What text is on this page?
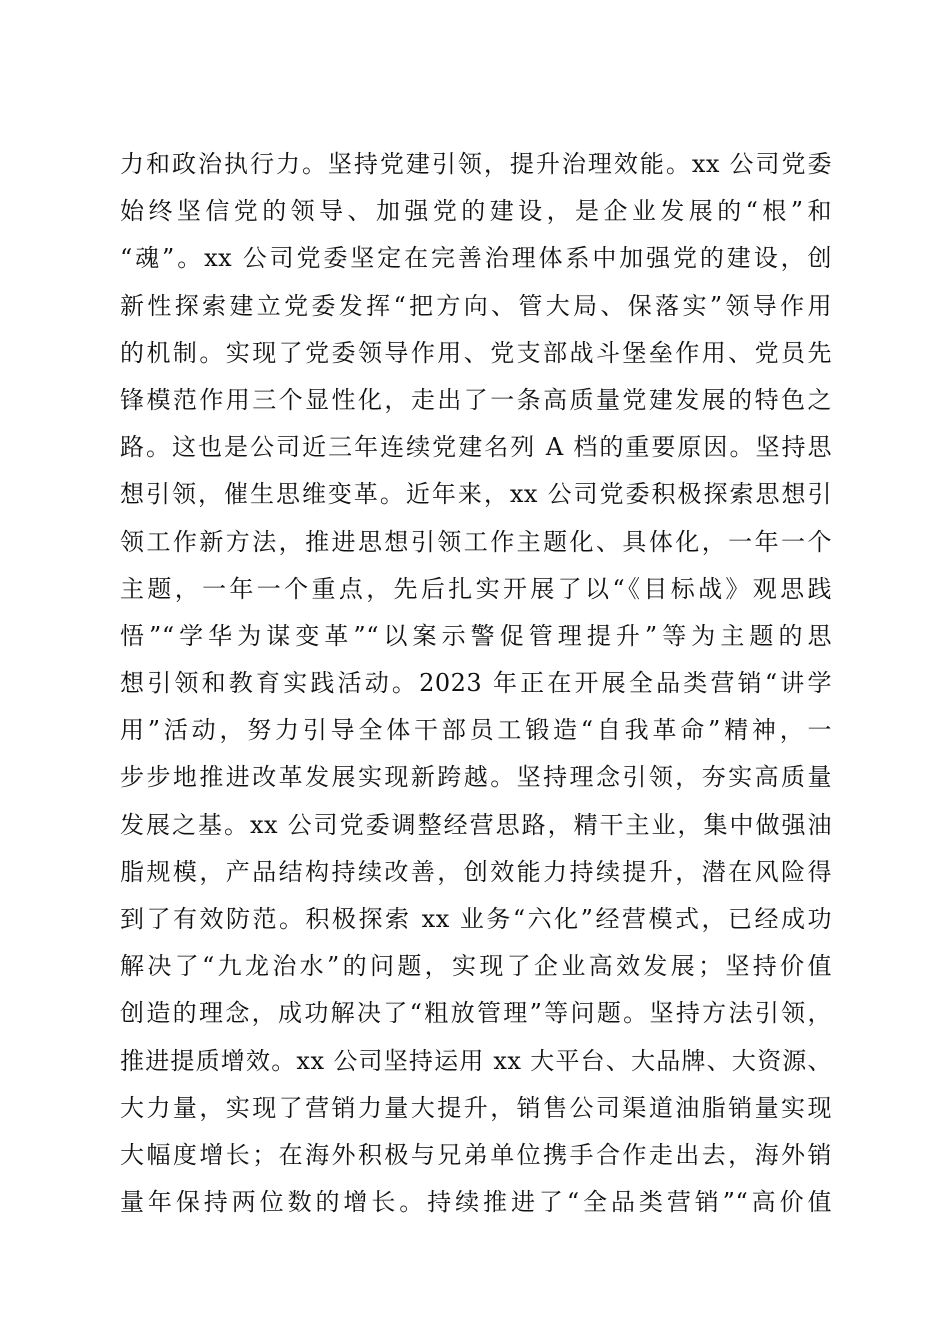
力和政治执行力。坚持党建引领，提升治理效能。xx 公司党委
始终坚信党的领导、加强党的建设，是企业发展的“根”和
“魂”。xx 公司党委坚定在完善治理体系中加强党的建设，创
新性探索建立党委发挥“把方向、管大局、保落实”领导作用
的机制。实现了党委领导作用、党支部战斗堡垒作用、党员先
锋模范作用三个显性化，走出了一条高质量党建发展的特色之
路。这也是公司近三年连续党建名列 A 档的重要原因。坚持思
想引领，催生思维变革。近年来，xx 公司党委积极探索思想引
领工作新方法，推进思想引领工作主题化、具体化，一年一个
主题，一年一个重点，先后扎实开展了以“《目标战》观思践
悟”“学华为谋变革”“以案示警促管理提升”等为主题的思
想引领和教育实践活动。2023 年正在开展全品类营销“讲学
用”活动，努力引导全体干部员工锻造“自我革命”精神，一
步步地推进改革发展实现新跨越。坚持理念引领，夯实高质量
发展之基。xx 公司党委调整经营思路，精干主业，集中做强油
脂规模，产品结构持续改善，创效能力持续提升，潜在风险得
到了有效防范。积极探索 xx 业务“六化”经营模式，已经成功
解决了“九龙治水”的问题，实现了企业高效发展；坚持价值
创造的理念，成功解决了“粗放管理”等问题。坚持方法引领，
推进提质增效。xx 公司坚持运用 xx 大平台、大品牌、大资源、
大力量，实现了营销力量大提升，销售公司渠道油脂销量实现
大幅度增长；在海外积极与兄弟单位携手合作走出去，海外销
量年保持两位数的增长。持续推进了“全品类营销”“高价值
